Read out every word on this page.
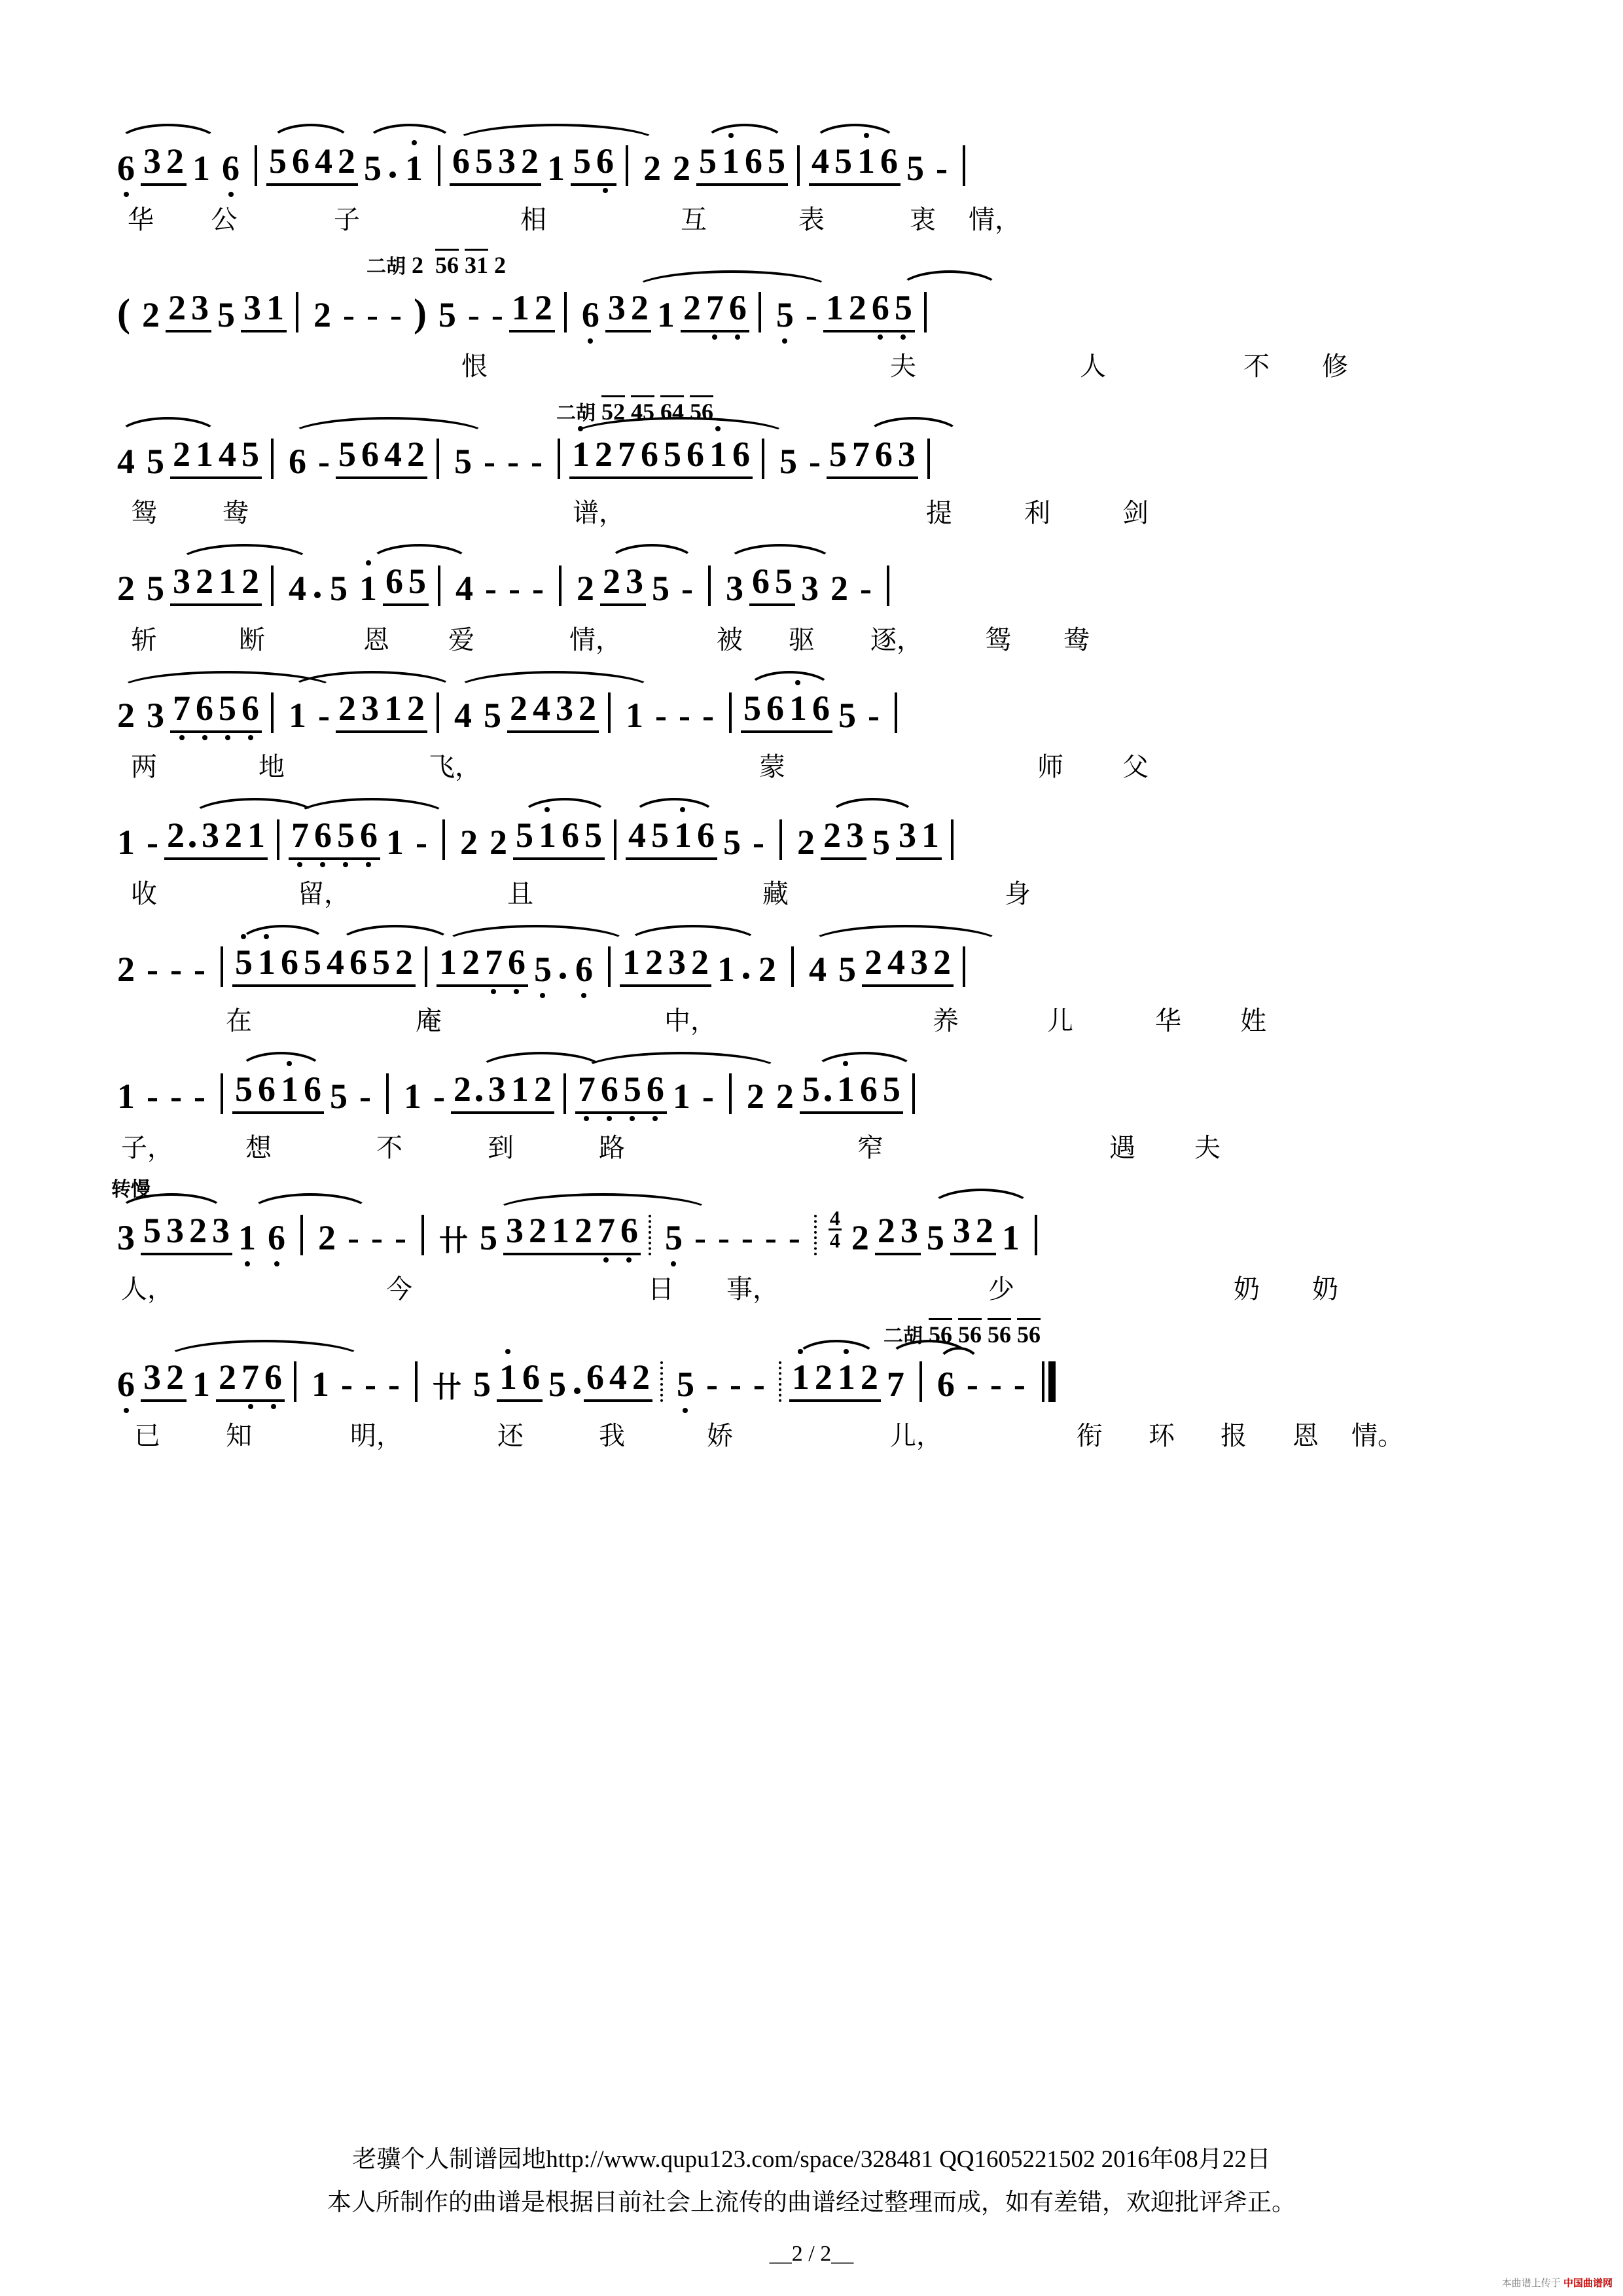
6 3 2 1 6 5 6 4 2 5 1 6 5 3 2 1 5 6 2 2 5 1 6 5 4 5 1 6 5 -
华	公	子	相	互	表	衷	情，
二胡 2  56 31 2
( 2 2 3 5 3 1 2 - - - ) 5 - - 1 2 6 3 2 1 2 7 6 5 - 1 2 6 5
恨	夫	人	不	修
二胡 52 45 64 56
4 5 2 1 4 5 6 - 5 6 4 2 5 - - - 1 2 7 6 5 6 1 6 5 - 5 7 6 3
鸳	鸯	谱，	提	利	剑
2 5 3 2 1 2 4 5 1 6 5 4 - - - 2 2 3 5 - 3 6 5 3 2 -
斩	断	恩	爱	情，	被	驱	逐，	鸳	鸯
2 3 7 6 5 6 1 - 2 3 1 2 4 5 2 4 3 2 1 - - - 5 6 1 6 5 -
两	地	飞，	蒙	师	父
1 - 2 3 2 1 7 6 5 6 1 - 2 2 5 1 6 5 4 5 1 6 5 - 2 2 3 5 3 1
收	留，	且	藏	身
2 - - - 5 1 6 5 4 6 5 2 1 2 7 6 5 6 1 2 3 2 1 2 4 5 2 4 3 2
在	庵	中，	养	儿	华	姓
1 - - - 5 6 1 6 5 - 1 - 2 3 1 2 7 6 5 6 1 - 2 2 5 1 6 5
子，	想	不	到	路	窄	遇	夫
转慢
3 5 3 2 3 1 6 2 - - - 卄 5 3 2 1 2 7 6 5 - - - - - 4
4 2 2 3 5 3 2 1
人，	今	日	事，	少	奶	奶
二胡 56 56 56 56
6 3 2 1 2 7 6 1 - - - 卄 5 1 6 5 6 4 2 5 - - - 1 2 1 2 7 6 - - -
已	知	明，	还	我	娇	儿，	衔	环	报	恩	情。
老骥个人制谱园地http://www.qupu123.com/space/328481 QQ1605221502 2016年08月22日
本人所制作的曲谱是根据目前社会上流传的曲谱经过整理而成，如有差错，欢迎批评斧正。
__2 / 2__
本曲谱上传于 中国曲谱网
